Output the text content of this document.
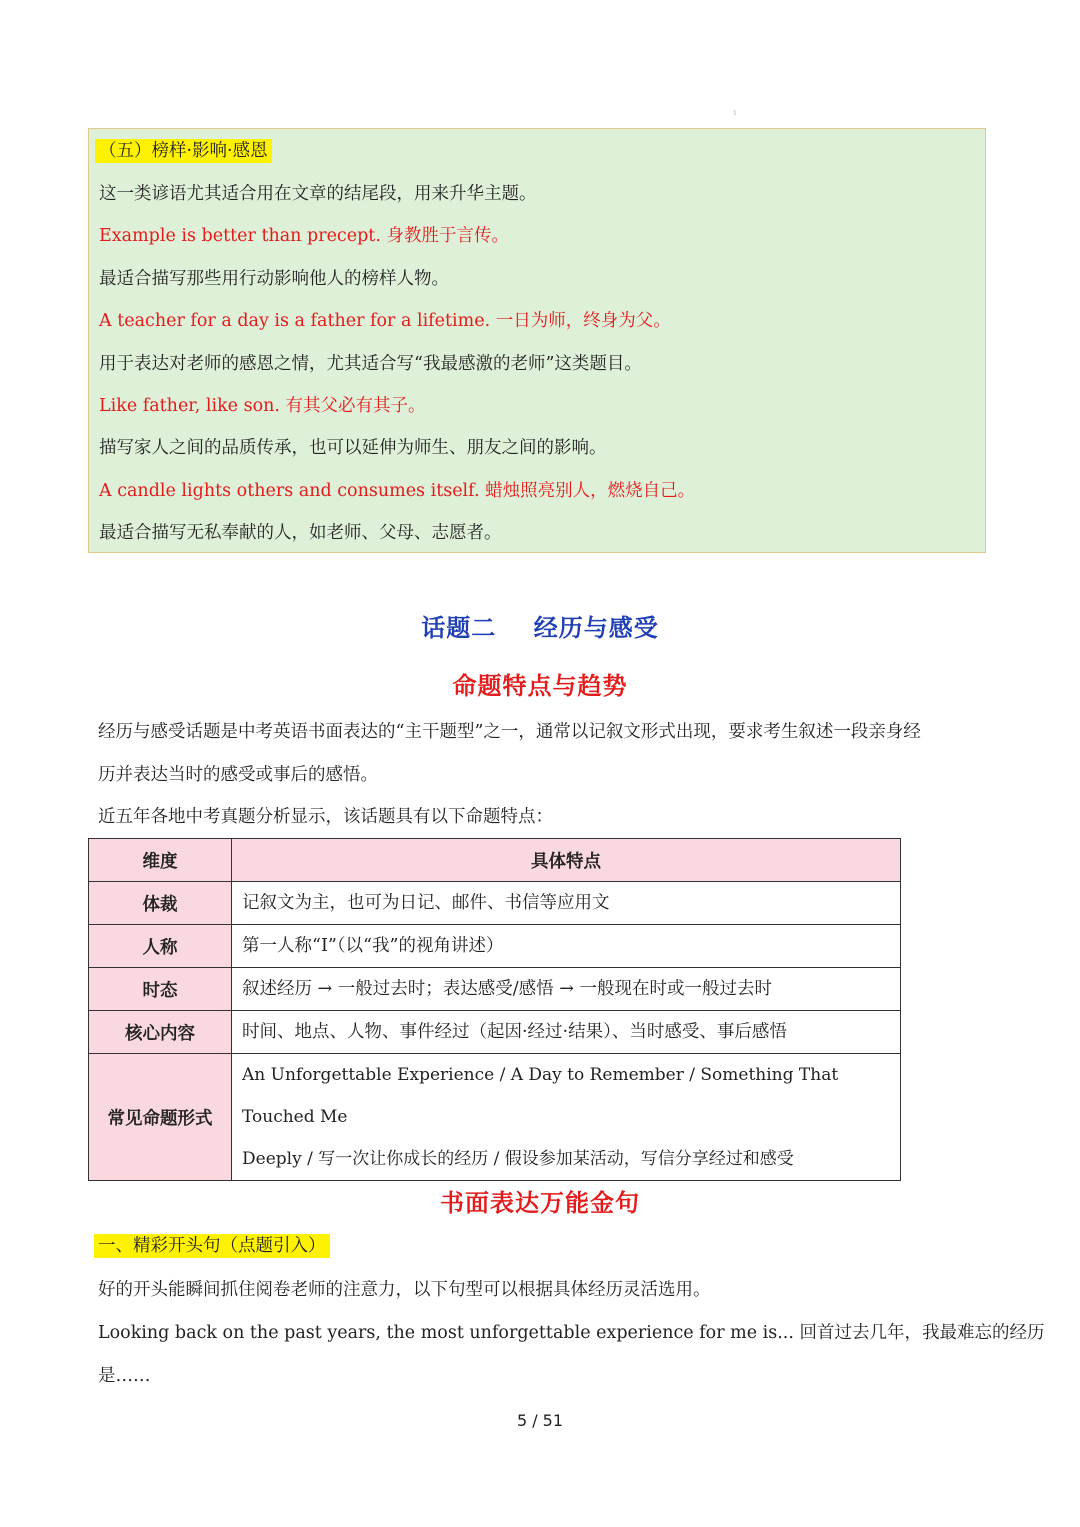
1
（五）榜样·影响·感恩
这一类谚语尤其适合用在文章的结尾段，用来升华主题。
Example is better than precept. 身教胜于言传。
最适合描写那些用行动影响他人的榜样人物。
A teacher for a day is a father for a lifetime. 一日为师，终身为父。
用于表达对老师的感恩之情，尤其适合写“我最感激的老师”这类题目。
Like father, like son. 有其父必有其子。
描写家人之间的品质传承，也可以延伸为师生、朋友之间的影响。
A candle lights others and consumes itself. 蜡烛照亮别人，燃烧自己。
最适合描写无私奉献的人，如老师、父母、志愿者。
话题二    经历与感受
命题特点与趋势
经历与感受话题是中考英语书面表达的“主干题型”之一，通常以记叙文形式出现，要求考生叙述一段亲身经
历并表达当时的感受或事后的感悟。
近五年各地中考真题分析显示，该话题具有以下命题特点：
维度	具体特点
体裁	记叙文为主，也可为日记、邮件、书信等应用文
人称	第一人称“I”（以“我”的视角讲述）
时态	叙述经历 → 一般过去时；表达感受/感悟 → 一般现在时或一般过去时
核心内容	时间、地点、人物、事件经过（起因·经过·结果）、当时感受、事后感悟
常见命题形式	An Unforgettable Experience / A Day to Remember / Something That Touched Me
Deeply / 写一次让你成长的经历 / 假设参加某活动，写信分享经过和感受
书面表达万能金句
一、精彩开头句（点题引入）
好的开头能瞬间抓住阅卷老师的注意力，以下句型可以根据具体经历灵活选用。
Looking back on the past years, the most unforgettable experience for me is... 回首过去几年，我最难忘的经历
是……
5 / 51
